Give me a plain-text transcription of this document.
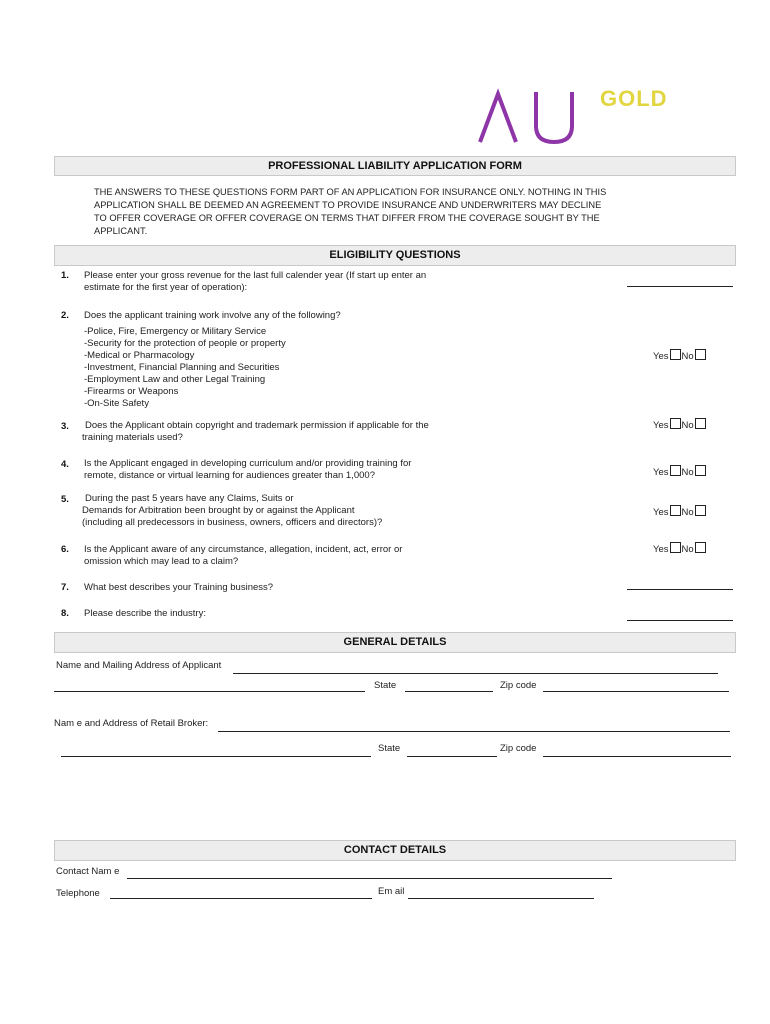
GOLD
PROFESSIONAL LIABILITY APPLICATION FORM
THE ANSWERS TO THESE QUESTIONS FORM PART OF AN APPLICATION FOR INSURANCE ONLY. NOTHING IN THIS
APPLICATION SHALL BE DEEMED AN AGREEMENT TO PROVIDE INSURANCE AND UNDERWRITERS MAY DECLINE
TO OFFER COVERAGE OR OFFER COVERAGE ON TERMS THAT DIFFER FROM THE COVERAGE SOUGHT BY THE
APPLICANT.
ELIGIBILITY QUESTIONS
1. Please enter your gross revenue for the last full calender year (If start up enter an
estimate for the first year of operation):
2. Does the applicant training work involve any of the following?
-Police, Fire, Emergency or Military Service
-Security for the protection of people or property
-Medical or Pharmacology
-Investment, Financial Planning and Securities
-Employment Law and other Legal Training
-Firearms or Weapons
-On-Site Safety
Yes No
3.	Does the Applicant obtain copyright and trademark permission if applicable for the
training materials used?
Yes No
4. Is the Applicant engaged in developing curriculum and/or providing training for
remote, distance or virtual learning for audiences greater than 1,000?	Yes No
5.	During the past 5 years have any Claims, Suits or
Demands for Arbitration been brought by or against the Applicant
(including all predecessors in business, owners, officers and directors)?
Yes No
6. Is the Applicant aware of any circumstance, allegation, incident, act, error or
omission which may lead to a claim?
Yes No
7. What best describes your Training business?
8. Please describe the industry:
GENERAL DETAILS
Name and Mailing Address of Applicant
State	Zip code
Nam e and Address of Retail Broker:
State	Zip code
CONTACT DETAILS
Contact Nam e
Telephone	Em ail
